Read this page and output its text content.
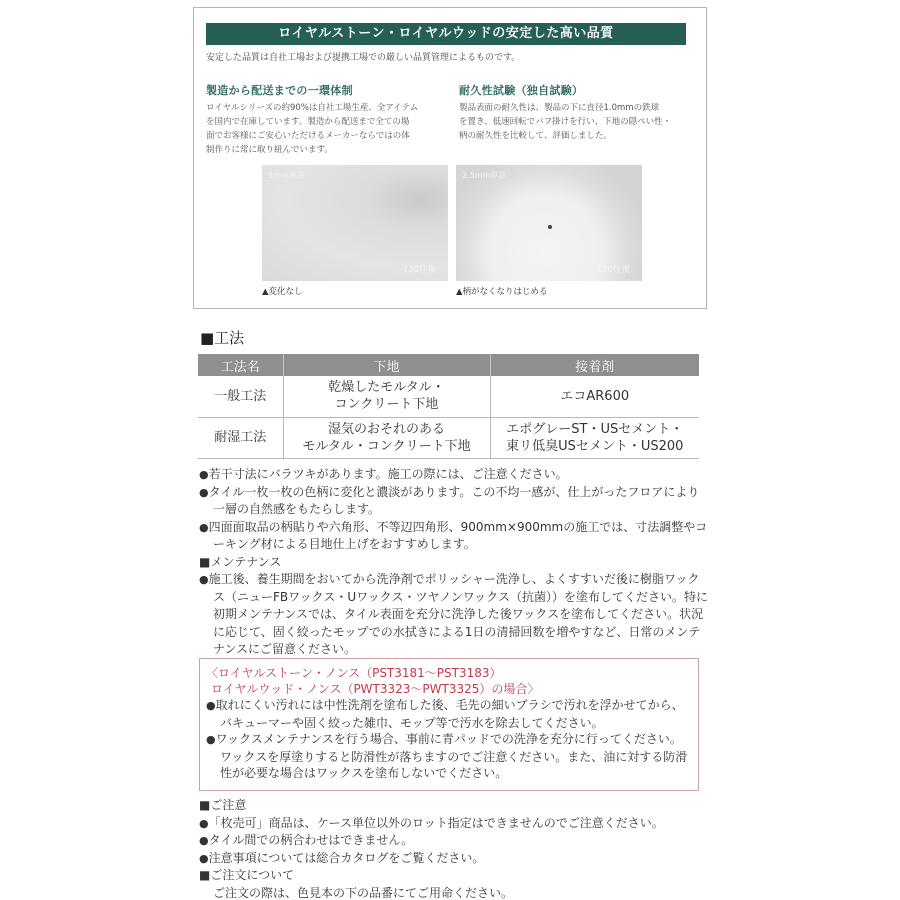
ロイヤルストーン・ロイヤルウッドの安定した高い品質
安定した品質は自社工場および提携工場での厳しい品質管理によるものです。
製造から配送までの一環体制

ロイヤルシリーズの約90%は自社工場生産、全アイテム
を国内で在庫しています。製造から配送まで全ての場
面でお客様にご安心いただけるメーカーならではの体
制作りに常に取り組んでいます。

耐久性試験（独自試験）

製品表面の耐久性は、製品の下に直径1.0mmの鉄球
を置き、低速回転でバフ掛けを行い、下地の隠ぺい性・
柄の耐久性を比較して、評価しました。

3mm厚品
130往復
2.5mm厚品
130往復
▲変化なし	▲柄がなくなりはじめる
■工法
工法名	下地	接着剤
一般工法	乾燥したモルタル・
コンクリート下地	エコAR600
耐湿工法	湿気のおそれのある
モルタル・コンクリート下地	エポグレーST・USセメント・
東リ低臭USセメント・US200
● 若干寸法にバラツキがあります。施工の際には、ご注意ください。
● タイル一枚一枚の色柄に変化と濃淡があります。この不均一感が、仕上がったフロアにより一層の自然感をもたらします。
● 四面面取品の柄貼りや六角形、不等辺四角形、900mm×900mmの施工では、寸法調整やコーキング材による目地仕上げをおすすめします。
■メンテナンス
● 施工後、養生期間をおいてから洗浄剤でポリッシャー洗浄し、よくすすいだ後に樹脂ワックス（ニューFBワックス・Uワックス・ツヤノンワックス（抗菌））を塗布してください。特に初期メンテナンスでは、タイル表面を充分に洗浄した後ワックスを塗布してください。状況に応じて、固く絞ったモップでの水拭きによる1日の清掃回数を増やすなど、日常のメンテナンスにご留意ください。
〈ロイヤルストーン・ノンス（PST3181～PST3183）
ロイヤルウッド・ノンス（PWT3323～PWT3325）の場合〉
● 取れにくい汚れには中性洗剤を塗布した後、毛先の細いブラシで汚れを浮かせてから、バキューマーや固く絞った雑巾、モップ等で汚水を除去してください。
● ワックスメンテナンスを行う場合、事前に青パッドでの洗浄を充分に行ってください。ワックスを厚塗りすると防滑性が落ちますのでご注意ください。また、油に対する防滑性が必要な場合はワックスを塗布しないでください。
■ご注意
● 「枚売可」商品は、ケース単位以外のロット指定はできませんのでご注意ください。
● タイル間での柄合わせはできません。
● 注意事項については総合カタログをご覧ください。
■ご注文について
ご注文の際は、色見本の下の品番にてご用命ください。
